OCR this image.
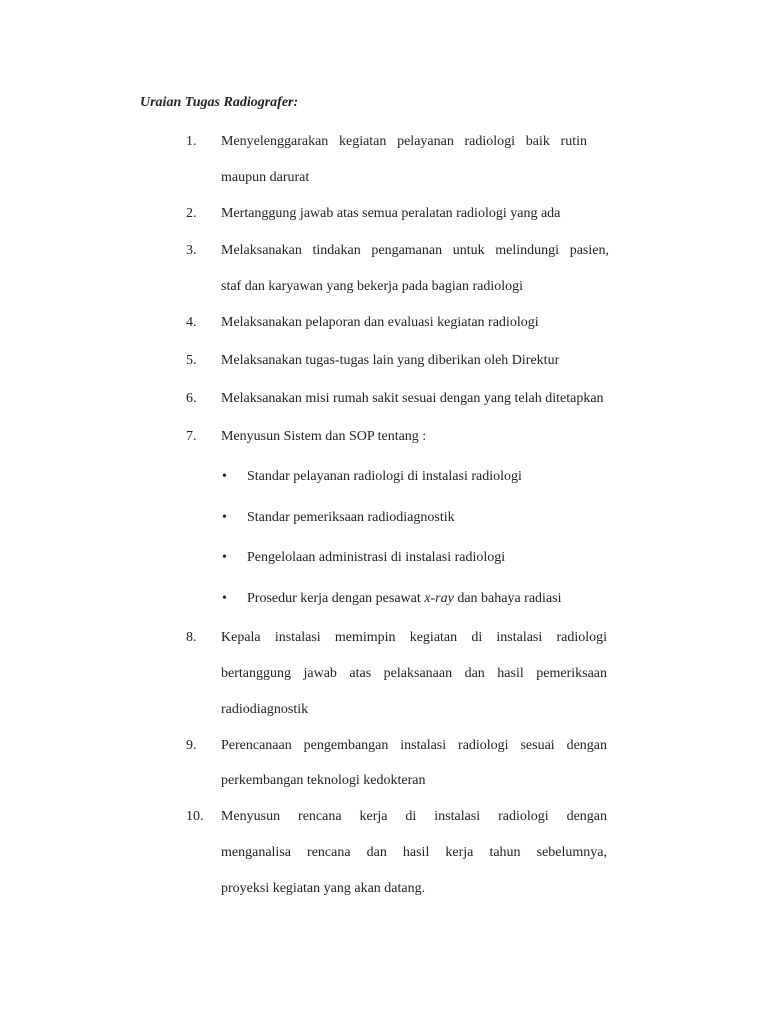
Uraian Tugas Radiografer:
1. Menyelenggarakan kegiatan pelayanan radiologi baik rutin
maupun darurat
2. Mertanggung jawab atas semua peralatan radiologi yang ada
3. Melaksanakan tindakan pengamanan untuk melindungi pasien,
staf dan karyawan yang bekerja pada bagian radiologi
4. Melaksanakan pelaporan dan evaluasi kegiatan radiologi
5. Melaksanakan tugas-tugas lain yang diberikan oleh Direktur
6. Melaksanakan misi rumah sakit sesuai dengan yang telah ditetapkan
7. Menyusun Sistem dan SOP tentang :
• Standar pelayanan radiologi di instalasi radiologi
• Standar pemeriksaan radiodiagnostik
• Pengelolaan administrasi di instalasi radiologi
• Prosedur kerja dengan pesawat x-ray dan bahaya radiasi
8. Kepala instalasi memimpin kegiatan di instalasi radiologi
bertanggung jawab atas pelaksanaan dan hasil pemeriksaan
radiodiagnostik
9. Perencanaan pengembangan instalasi radiologi sesuai dengan
perkembangan teknologi kedokteran
10. Menyusun rencana kerja di instalasi radiologi dengan
menganalisa rencana dan hasil kerja tahun sebelumnya,
proyeksi kegiatan yang akan datang.
